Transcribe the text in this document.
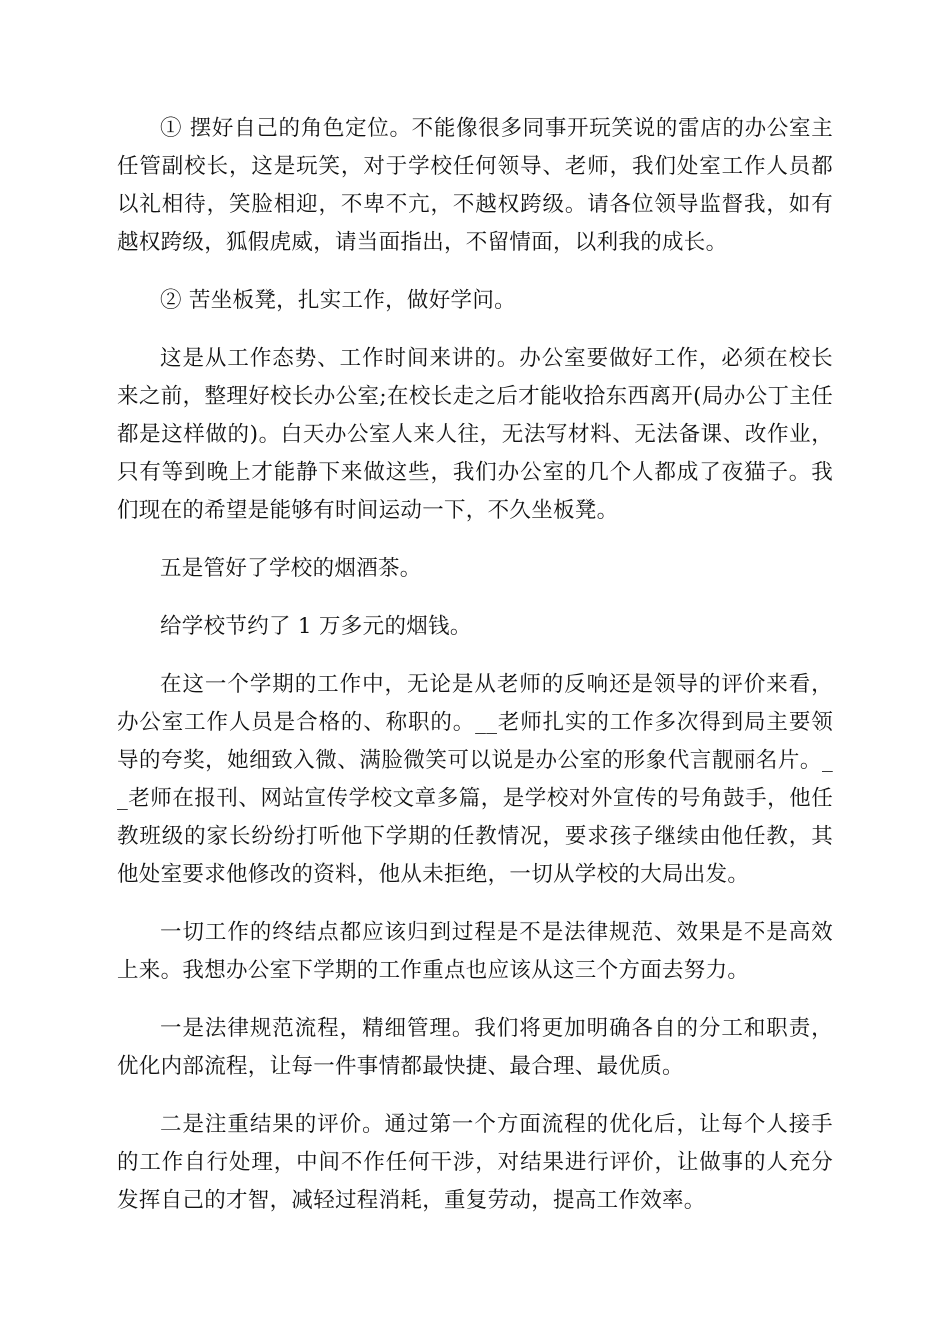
① 摆好自己的角色定位。不能像很多同事开玩笑说的雷店的办公室主任管副校长，这是玩笑，对于学校任何领导、老师，我们处室工作人员都以礼相待，笑脸相迎，不卑不亢，不越权跨级。请各位领导监督我，如有越权跨级，狐假虎威，请当面指出，不留情面，以利我的成长。

② 苦坐板凳，扎实工作，做好学问。

这是从工作态势、工作时间来讲的。办公室要做好工作，必须在校长来之前，整理好校长办公室;在校长走之后才能收拾东西离开(局办公丁主任都是这样做的)。白天办公室人来人往，无法写材料、无法备课、改作业，只有等到晚上才能静下来做这些，我们办公室的几个人都成了夜猫子。我们现在的希望是能够有时间运动一下，不久坐板凳。

五是管好了学校的烟酒茶。

给学校节约了 1 万多元的烟钱。

在这一个学期的工作中，无论是从老师的反响还是领导的评价来看，办公室工作人员是合格的、称职的。__老师扎实的工作多次得到局主要领导的夸奖，她细致入微、满脸微笑可以说是办公室的形象代言靓丽名片。__老师在报刊、网站宣传学校文章多篇，是学校对外宣传的号角鼓手，他任教班级的家长纷纷打听他下学期的任教情况，要求孩子继续由他任教，其他处室要求他修改的资料，他从未拒绝，一切从学校的大局出发。

一切工作的终结点都应该归到过程是不是法律规范、效果是不是高效上来。我想办公室下学期的工作重点也应该从这三个方面去努力。

一是法律规范流程，精细管理。我们将更加明确各自的分工和职责，优化内部流程，让每一件事情都最快捷、最合理、最优质。

二是注重结果的评价。通过第一个方面流程的优化后，让每个人接手的工作自行处理，中间不作任何干涉，对结果进行评价，让做事的人充分发挥自己的才智，减轻过程消耗，重复劳动，提高工作效率。
